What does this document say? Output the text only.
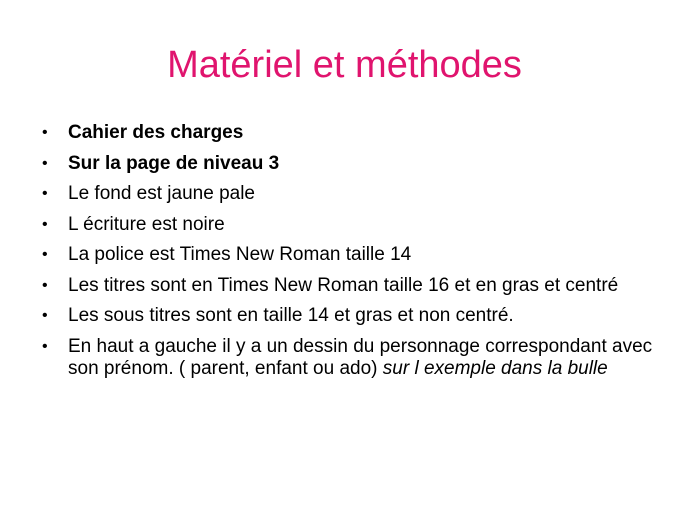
Matériel et méthodes
• Cahier des charges
• Sur la page de niveau 3
• Le fond est jaune pale
• L écriture est noire
• La police est Times New Roman taille 14
• Les titres sont en Times New Roman taille 16 et en gras et centré
• Les sous titres sont en taille 14 et gras et non centré.
• En haut a gauche il y a un dessin du personnage correspondant avec son prénom. ( parent, enfant ou ado) sur l exemple dans la bulle
